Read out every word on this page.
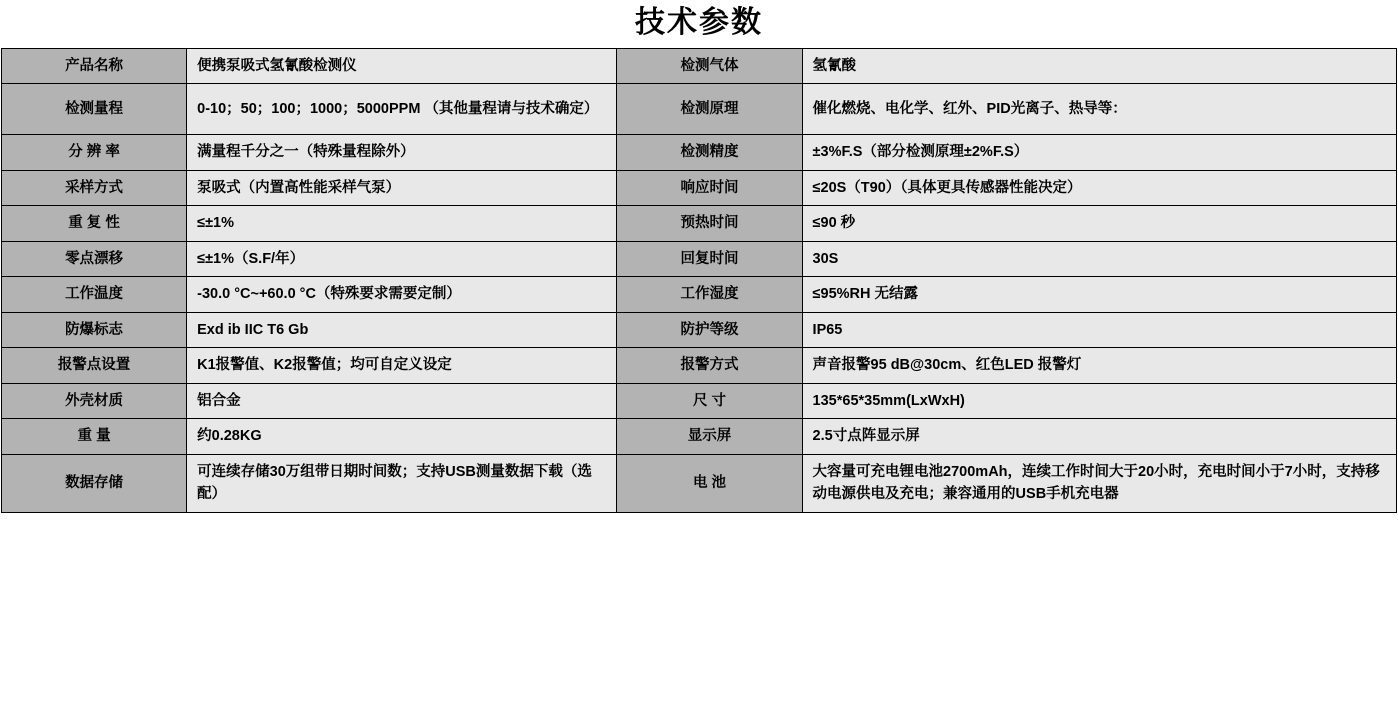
技术参数
产品名称	便携泵吸式氢氰酸检测仪	检测气体	氢氰酸
检测量程	0-10；50；100；1000；5000PPM （其他量程请与技术确定）	检测原理	催化燃烧、电化学、红外、PID光离子、热导等：
分 辨 率	满量程千分之一（特殊量程除外）	检测精度	±3%F.S（部分检测原理±2%F.S）
采样方式	泵吸式（内置高性能采样气泵）	响应时间	≤20S（T90）（具体更具传感器性能决定）
重 复 性	≤±1%	预热时间	≤90 秒
零点漂移	≤±1%（S.F/年）	回复时间	30S
工作温度	-30.0 °C~+60.0 °C（特殊要求需要定制）	工作湿度	≤95%RH 无结露
防爆标志	Exd ib IIC T6 Gb	防护等级	IP65
报警点设置	K1报警值、K2报警值；均可自定义设定	报警方式	声音报警95 dB@30cm、红色LED 报警灯
外壳材质	铝合金	尺 寸	135*65*35mm(LxWxH)
重 量	约0.28KG	显示屏	2.5寸点阵显示屏
数据存储	可连续存储30万组带日期时间数；支持USB测量数据下载（选配）	电 池	大容量可充电锂电池2700mAh，连续工作时间大于20小时，充电时间小于7小时，支持移动电源供电及充电；兼容通用的USB手机充电器
